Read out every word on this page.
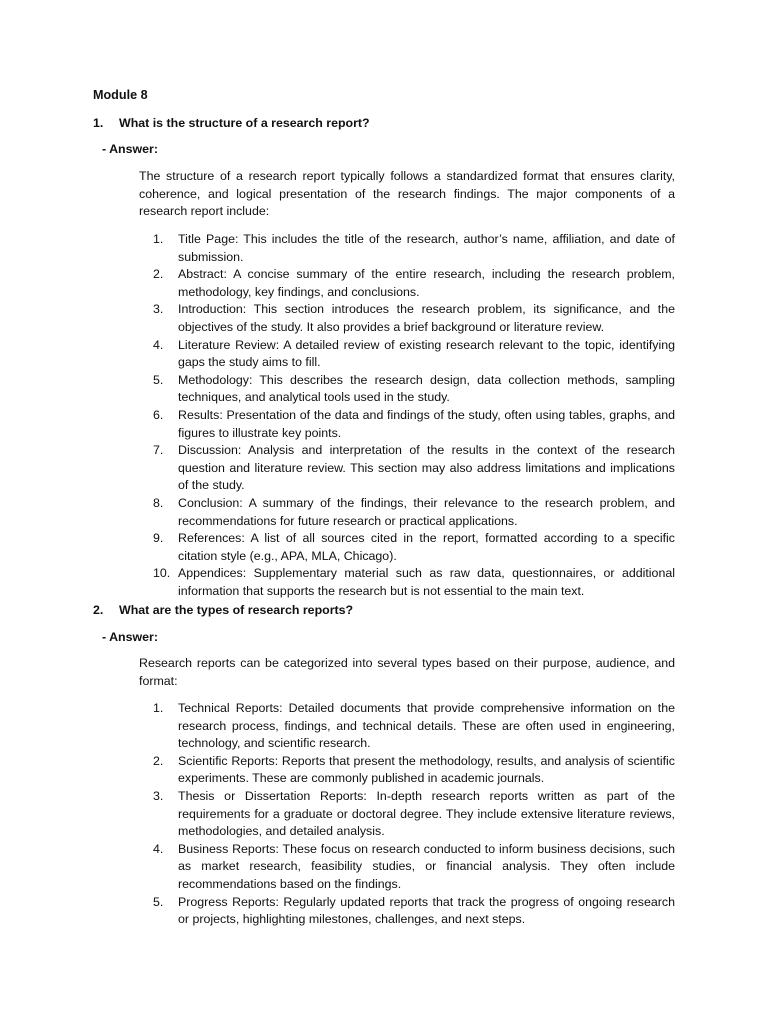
Module 8
1.	What is the structure of a research report?
- Answer:
The structure of a research report typically follows a standardized format that ensures clarity, coherence, and logical presentation of the research findings. The major components of a research report include:
1.	Title Page: This includes the title of the research, author’s name, affiliation, and date of submission.
2.	Abstract: A concise summary of the entire research, including the research problem, methodology, key findings, and conclusions.
3.	Introduction: This section introduces the research problem, its significance, and the objectives of the study. It also provides a brief background or literature review.
4.	Literature Review: A detailed review of existing research relevant to the topic, identifying gaps the study aims to fill.
5.	Methodology: This describes the research design, data collection methods, sampling techniques, and analytical tools used in the study.
6.	Results: Presentation of the data and findings of the study, often using tables, graphs, and figures to illustrate key points.
7.	Discussion: Analysis and interpretation of the results in the context of the research question and literature review. This section may also address limitations and implications of the study.
8.	Conclusion: A summary of the findings, their relevance to the research problem, and recommendations for future research or practical applications.
9.	References: A list of all sources cited in the report, formatted according to a specific citation style (e.g., APA, MLA, Chicago).
10. Appendices: Supplementary material such as raw data, questionnaires, or additional information that supports the research but is not essential to the main text.
2.	What are the types of research reports?
- Answer:
Research reports can be categorized into several types based on their purpose, audience, and format:
1.	Technical Reports: Detailed documents that provide comprehensive information on the research process, findings, and technical details. These are often used in engineering, technology, and scientific research.
2.	Scientific Reports: Reports that present the methodology, results, and analysis of scientific experiments. These are commonly published in academic journals.
3.	Thesis or Dissertation Reports: In-depth research reports written as part of the requirements for a graduate or doctoral degree. They include extensive literature reviews, methodologies, and detailed analysis.
4.	Business Reports: These focus on research conducted to inform business decisions, such as market research, feasibility studies, or financial analysis. They often include recommendations based on the findings.
5.	Progress Reports: Regularly updated reports that track the progress of ongoing research or projects, highlighting milestones, challenges, and next steps.
